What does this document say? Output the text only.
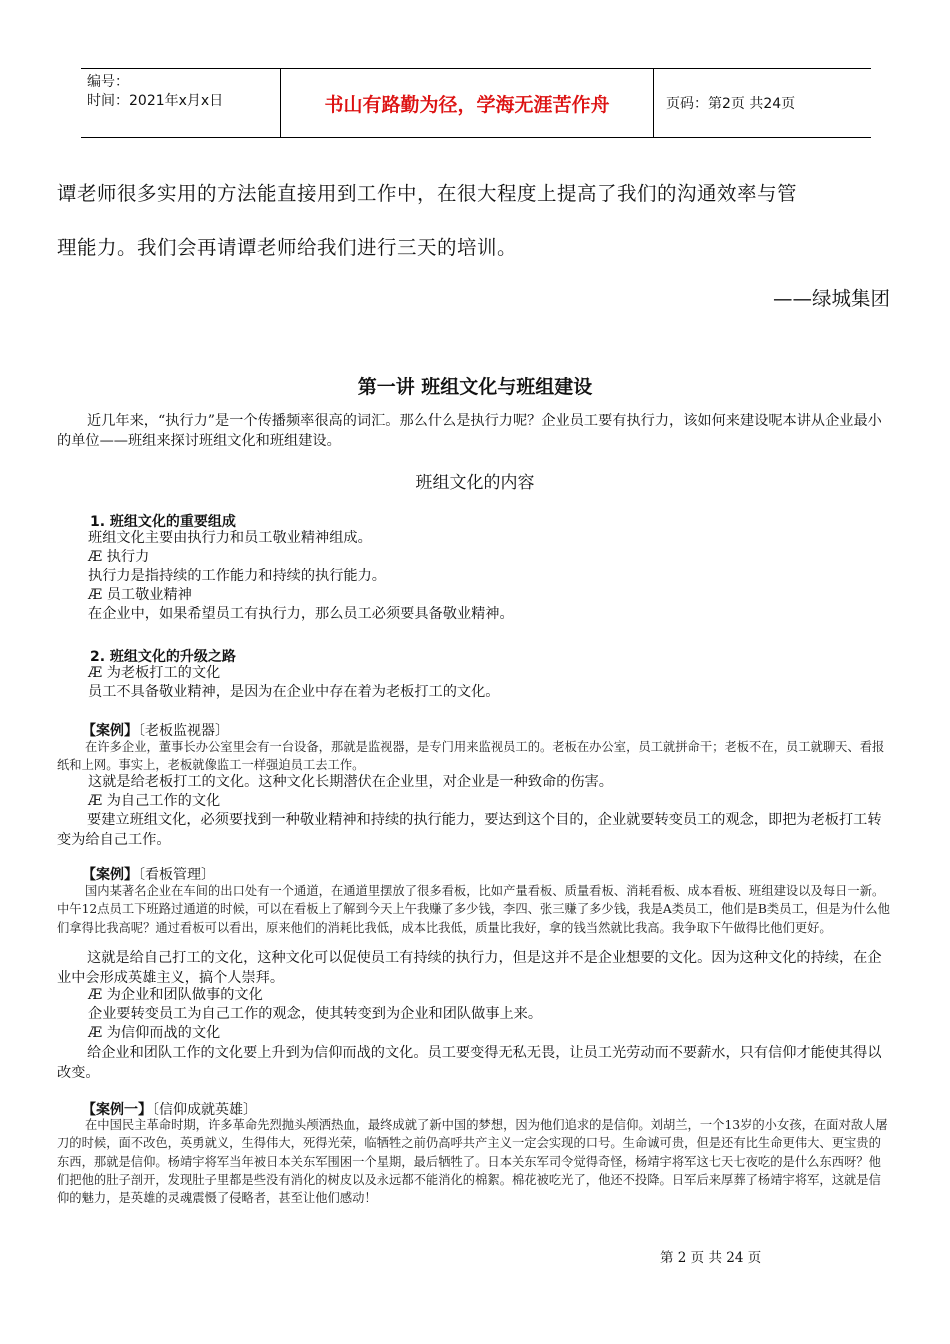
编号：
时间：2021年x月x日	书山有路勤为径，学海无涯苦作舟	页码：第2页 共24页
谭老师很多实用的方法能直接用到工作中，在很大程度上提高了我们的沟通效率与管
理能力。我们会再请谭老师给我们进行三天的培训。
——绿城集团
第一讲 班组文化与班组建设
近几年来，“执行力”是一个传播频率很高的词汇。那么什么是执行力呢？企业员工要有执行力，该如何来建设呢本讲从企业最小的单位——班组来探讨班组文化和班组建设。
班组文化的内容
1. 班组文化的重要组成
班组文化主要由执行力和员工敬业精神组成。
Æ 执行力
执行力是指持续的工作能力和持续的执行能力。
Æ 员工敬业精神
在企业中，如果希望员工有执行力，那么员工必须要具备敬业精神。
2. 班组文化的升级之路
Æ 为老板打工的文化
员工不具备敬业精神，是因为在企业中存在着为老板打工的文化。
【案例】〔老板监视器〕
在许多企业，董事长办公室里会有一台设备，那就是监视器，是专门用来监视员工的。老板在办公室，员工就拼命干；老板不在，员工就聊天、看报纸和上网。事实上，老板就像监工一样强迫员工去工作。
这就是给老板打工的文化。这种文化长期潜伏在企业里，对企业是一种致命的伤害。
Æ 为自己工作的文化
要建立班组文化，必须要找到一种敬业精神和持续的执行能力，要达到这个目的，企业就要转变员工的观念，即把为老板打工转变为给自己工作。
【案例】〔看板管理〕
国内某著名企业在车间的出口处有一个通道，在通道里摆放了很多看板，比如产量看板、质量看板、消耗看板、成本看板、班组建设以及每日一新。中午12点员工下班路过通道的时候，可以在看板上了解到今天上午我赚了多少钱，李四、张三赚了多少钱，我是A类员工，他们是B类员工，但是为什么他们拿得比我高呢？通过看板可以看出，原来他们的消耗比我低，成本比我低，质量比我好，拿的钱当然就比我高。我争取下午做得比他们更好。
这就是给自己打工的文化，这种文化可以促使员工有持续的执行力，但是这并不是企业想要的文化。因为这种文化的持续，在企业中会形成英雄主义，搞个人崇拜。
Æ 为企业和团队做事的文化
企业要转变员工为自己工作的观念，使其转变到为企业和团队做事上来。
Æ 为信仰而战的文化
给企业和团队工作的文化要上升到为信仰而战的文化。员工要变得无私无畏，让员工光劳动而不要薪水，只有信仰才能使其得以改变。
【案例一】〔信仰成就英雄〕
在中国民主革命时期，许多革命先烈抛头颅洒热血，最终成就了新中国的梦想，因为他们追求的是信仰。刘胡兰，一个13岁的小女孩，在面对敌人屠刀的时候，面不改色，英勇就义，生得伟大，死得光荣，临牺牲之前仍高呼共产主义一定会实现的口号。生命诚可贵，但是还有比生命更伟大、更宝贵的东西，那就是信仰。杨靖宇将军当年被日本关东军围困一个星期，最后牺牲了。日本关东军司令觉得奇怪，杨靖宇将军这七天七夜吃的是什么东西呀？他们把他的肚子剖开，发现肚子里都是些没有消化的树皮以及永远都不能消化的棉絮。棉花被吃光了，他还不投降。日军后来厚葬了杨靖宇将军，这就是信仰的魅力，是英雄的灵魂震慑了侵略者，甚至让他们感动！
第 2 页 共 24 页
